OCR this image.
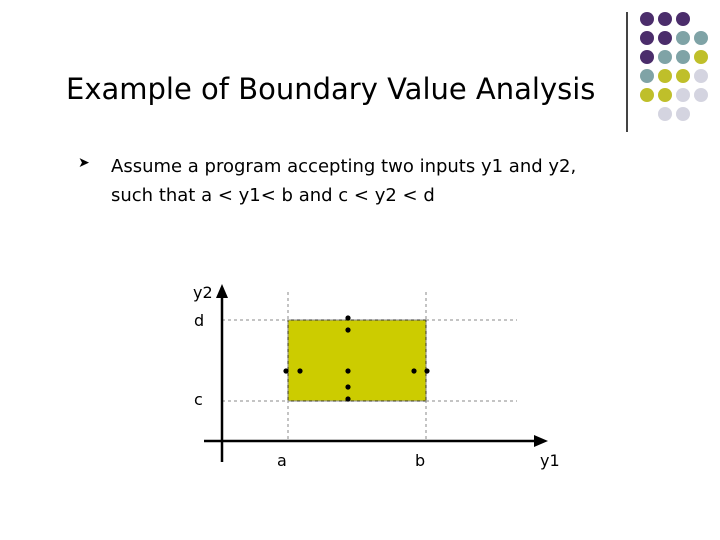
Example of Boundary Value Analysis
➤ Assume a program accepting two inputs y1 and y2,
such that a < y1< b and c < y2 < d
y2
y1
d
c
a	b
